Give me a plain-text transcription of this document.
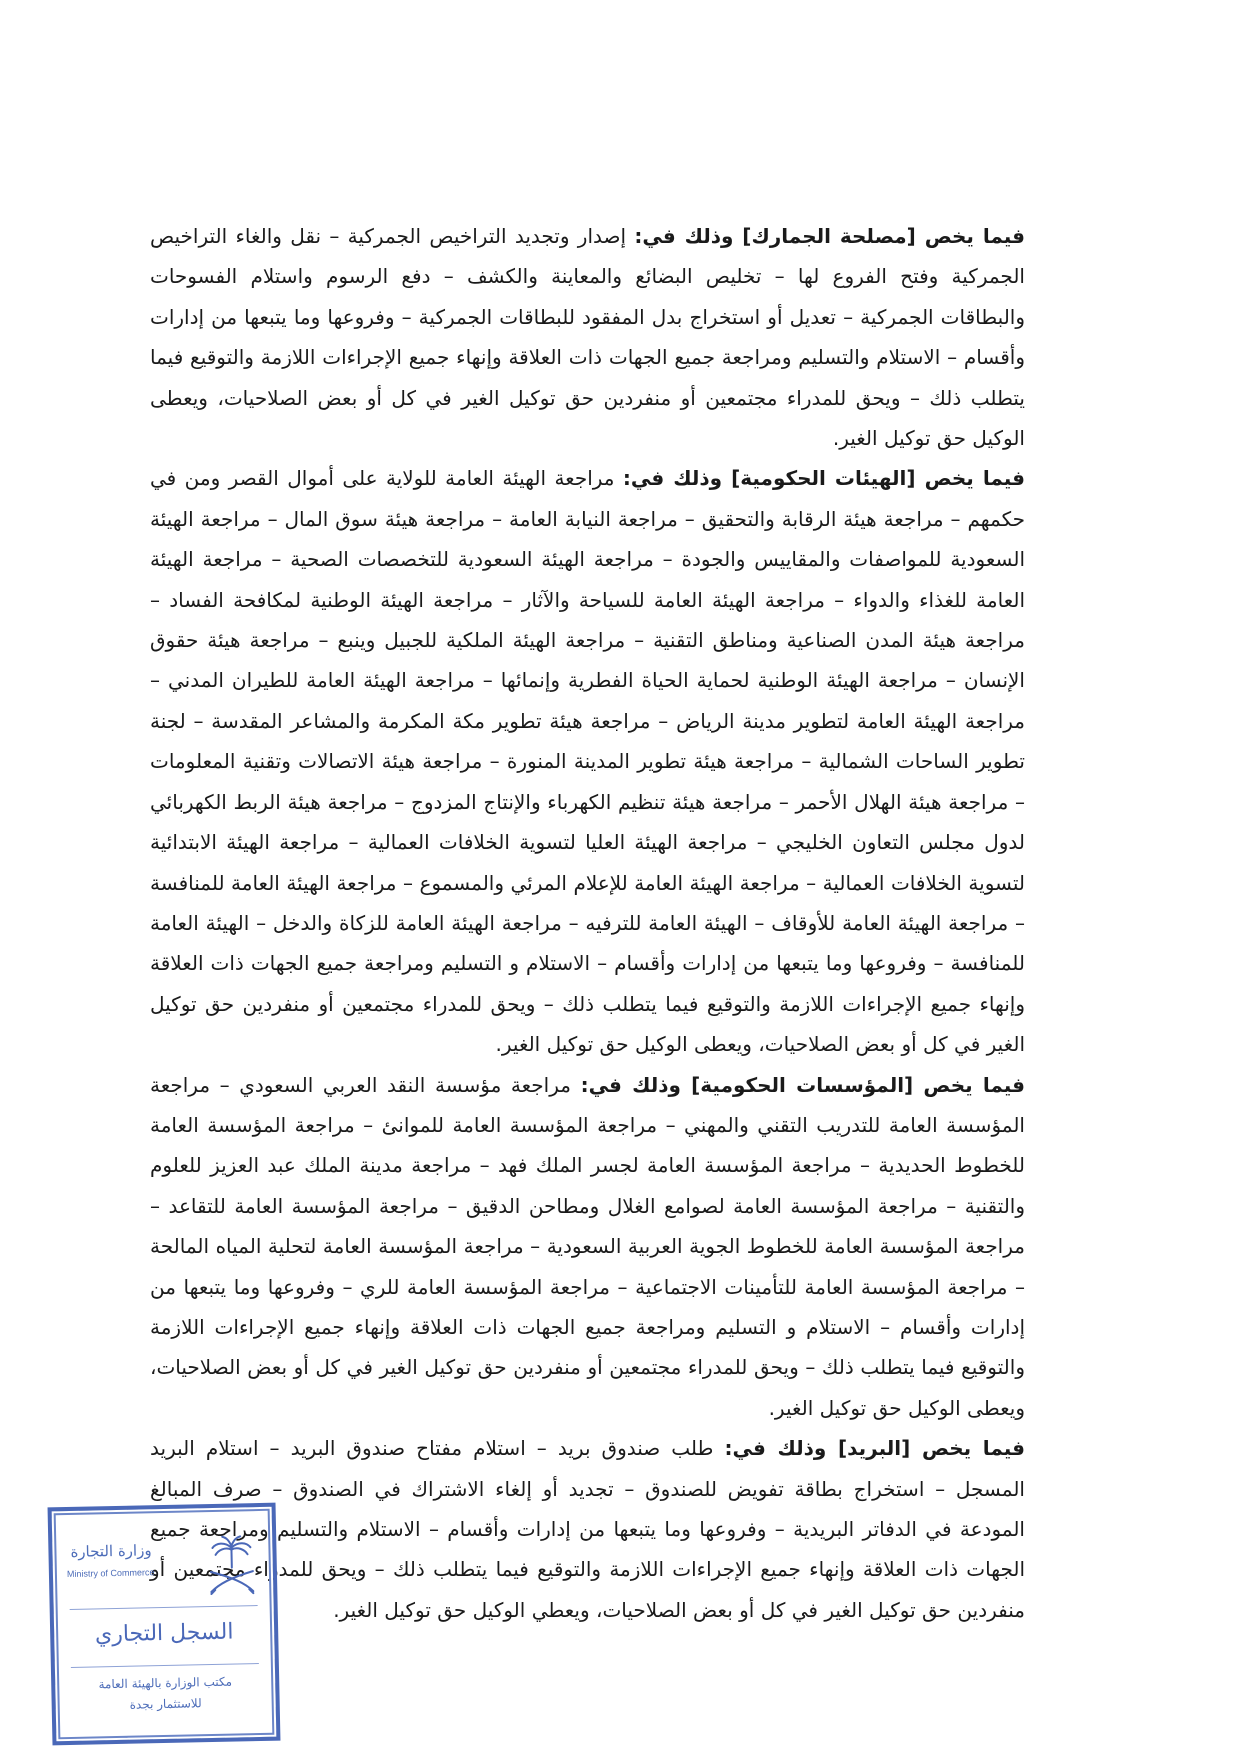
فيما يخص [مصلحة الجمارك] وذلك في: إصدار وتجديد التراخيص الجمركية – نقل والغاء التراخيص الجمركية وفتح الفروع لها – تخليص البضائع والمعاينة والكشف – دفع الرسوم واستلام الفسوحات والبطاقات الجمركية – تعديل أو استخراج بدل المفقود للبطاقات الجمركية – وفروعها وما يتبعها من إدارات وأقسام – الاستلام والتسليم ومراجعة جميع الجهات ذات العلاقة وإنهاء جميع الإجراءات اللازمة والتوقيع فيما يتطلب ذلك – ويحق للمدراء مجتمعين أو منفردين حق توكيل الغير في كل أو بعض الصلاحيات، ويعطى الوكيل حق توكيل الغير.

فيما يخص [الهيئات الحكومية] وذلك في: مراجعة الهيئة العامة للولاية على أموال القصر ومن في حكمهم – مراجعة هيئة الرقابة والتحقيق – مراجعة النيابة العامة – مراجعة هيئة سوق المال – مراجعة الهيئة السعودية للمواصفات والمقاييس والجودة – مراجعة الهيئة السعودية للتخصصات الصحية – مراجعة الهيئة العامة للغذاء والدواء – مراجعة الهيئة العامة للسياحة والآثار – مراجعة الهيئة الوطنية لمكافحة الفساد – مراجعة هيئة المدن الصناعية ومناطق التقنية – مراجعة الهيئة الملكية للجبيل وينبع – مراجعة هيئة حقوق الإنسان – مراجعة الهيئة الوطنية لحماية الحياة الفطرية وإنمائها – مراجعة الهيئة العامة للطيران المدني – مراجعة الهيئة العامة لتطوير مدينة الرياض – مراجعة هيئة تطوير مكة المكرمة والمشاعر المقدسة – لجنة تطوير الساحات الشمالية – مراجعة هيئة تطوير المدينة المنورة – مراجعة هيئة الاتصالات وتقنية المعلومات – مراجعة هيئة الهلال الأحمر – مراجعة هيئة تنظيم الكهرباء والإنتاج المزدوج – مراجعة هيئة الربط الكهربائي لدول مجلس التعاون الخليجي – مراجعة الهيئة العليا لتسوية الخلافات العمالية – مراجعة الهيئة الابتدائية لتسوية الخلافات العمالية – مراجعة الهيئة العامة للإعلام المرئي والمسموع – مراجعة الهيئة العامة للمنافسة – مراجعة الهيئة العامة للأوقاف – الهيئة العامة للترفيه – مراجعة الهيئة العامة للزكاة والدخل – الهيئة العامة للمنافسة – وفروعها وما يتبعها من إدارات وأقسام – الاستلام و التسليم ومراجعة جميع الجهات ذات العلاقة وإنهاء جميع الإجراءات اللازمة والتوقيع فيما يتطلب ذلك – ويحق للمدراء مجتمعين أو منفردين حق توكيل الغير في كل أو بعض الصلاحيات، ويعطى الوكيل حق توكيل الغير.

فيما يخص [المؤسسات الحكومية] وذلك في: مراجعة مؤسسة النقد العربي السعودي – مراجعة المؤسسة العامة للتدريب التقني والمهني – مراجعة المؤسسة العامة للموانئ – مراجعة المؤسسة العامة للخطوط الحديدية – مراجعة المؤسسة العامة لجسر الملك فهد – مراجعة مدينة الملك عبد العزيز للعلوم والتقنية – مراجعة المؤسسة العامة لصوامع الغلال ومطاحن الدقيق – مراجعة المؤسسة العامة للتقاعد – مراجعة المؤسسة العامة للخطوط الجوية العربية السعودية – مراجعة المؤسسة العامة لتحلية المياه المالحة – مراجعة المؤسسة العامة للتأمينات الاجتماعية – مراجعة المؤسسة العامة للري – وفروعها وما يتبعها من إدارات وأقسام – الاستلام و التسليم ومراجعة جميع الجهات ذات العلاقة وإنهاء جميع الإجراءات اللازمة والتوقيع فيما يتطلب ذلك – ويحق للمدراء مجتمعين أو منفردين حق توكيل الغير في كل أو بعض الصلاحيات، ويعطى الوكيل حق توكيل الغير.

فيما يخص [البريد] وذلك في: طلب صندوق بريد – استلام مفتاح صندوق البريد – استلام البريد المسجل – استخراج بطاقة تفويض للصندوق – تجديد أو إلغاء الاشتراك في الصندوق – صرف المبالغ المودعة في الدفاتر البريدية – وفروعها وما يتبعها من إدارات وأقسام – الاستلام والتسليم ومراجعة جميع الجهات ذات العلاقة وإنهاء جميع الإجراءات اللازمة والتوقيع فيما يتطلب ذلك – ويحق للمدراء مجتمعين أو منفردين حق توكيل الغير في كل أو بعض الصلاحيات، ويعطي الوكيل حق توكيل الغير.

وزارة التجارة
Ministry of Commerce
السجل التجاري
مكتب الوزارة بالهيئة العامة
للاستثمار بجدة
